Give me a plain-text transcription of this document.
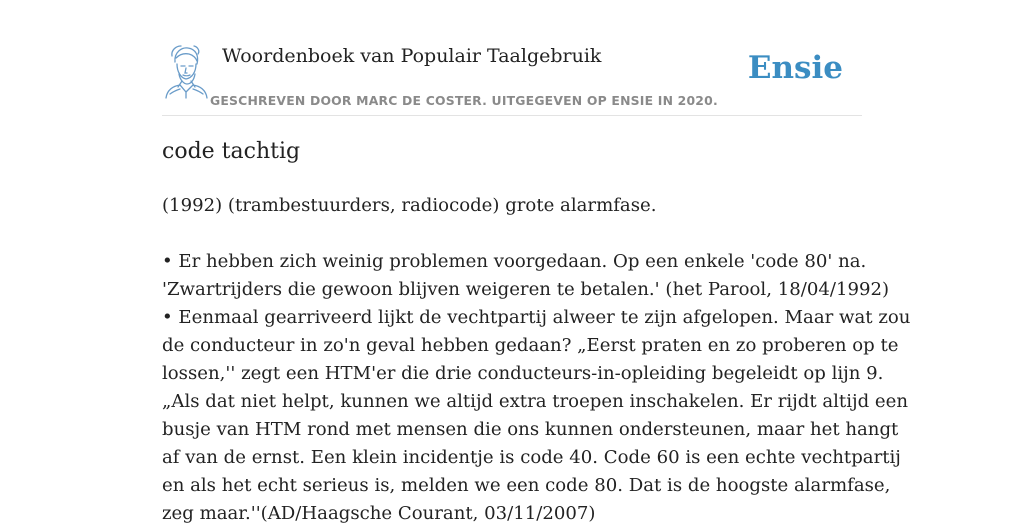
Woordenboek van Populair Taalgebruik
GESCHREVEN DOOR MARC DE COSTER. UITGEGEVEN OP ENSIE IN 2020.
Ensie
code tachtig

(1992) (trambestuurders, radiocode) grote alarmfase.

• Er hebben zich weinig problemen voorgedaan. Op een enkele 'code 80' na.

'Zwartrijders die gewoon blijven weigeren te betalen.' (het Parool, 18/04/1992)

• Eenmaal gearriveerd lijkt de vechtpartij alweer te zijn afgelopen. Maar wat zou

de conducteur in zo'n geval hebben gedaan? „Eerst praten en zo proberen op te

lossen,'' zegt een HTM'er die drie conducteurs-in-opleiding begeleidt op lijn 9.

„Als dat niet helpt, kunnen we altijd extra troepen inschakelen. Er rijdt altijd een

busje van HTM rond met mensen die ons kunnen ondersteunen, maar het hangt

af van de ernst. Een klein incidentje is code 40. Code 60 is een echte vechtpartij

en als het echt serieus is, melden we een code 80. Dat is de hoogste alarmfase,

zeg maar.''(AD/Haagsche Courant, 03/11/2007)
